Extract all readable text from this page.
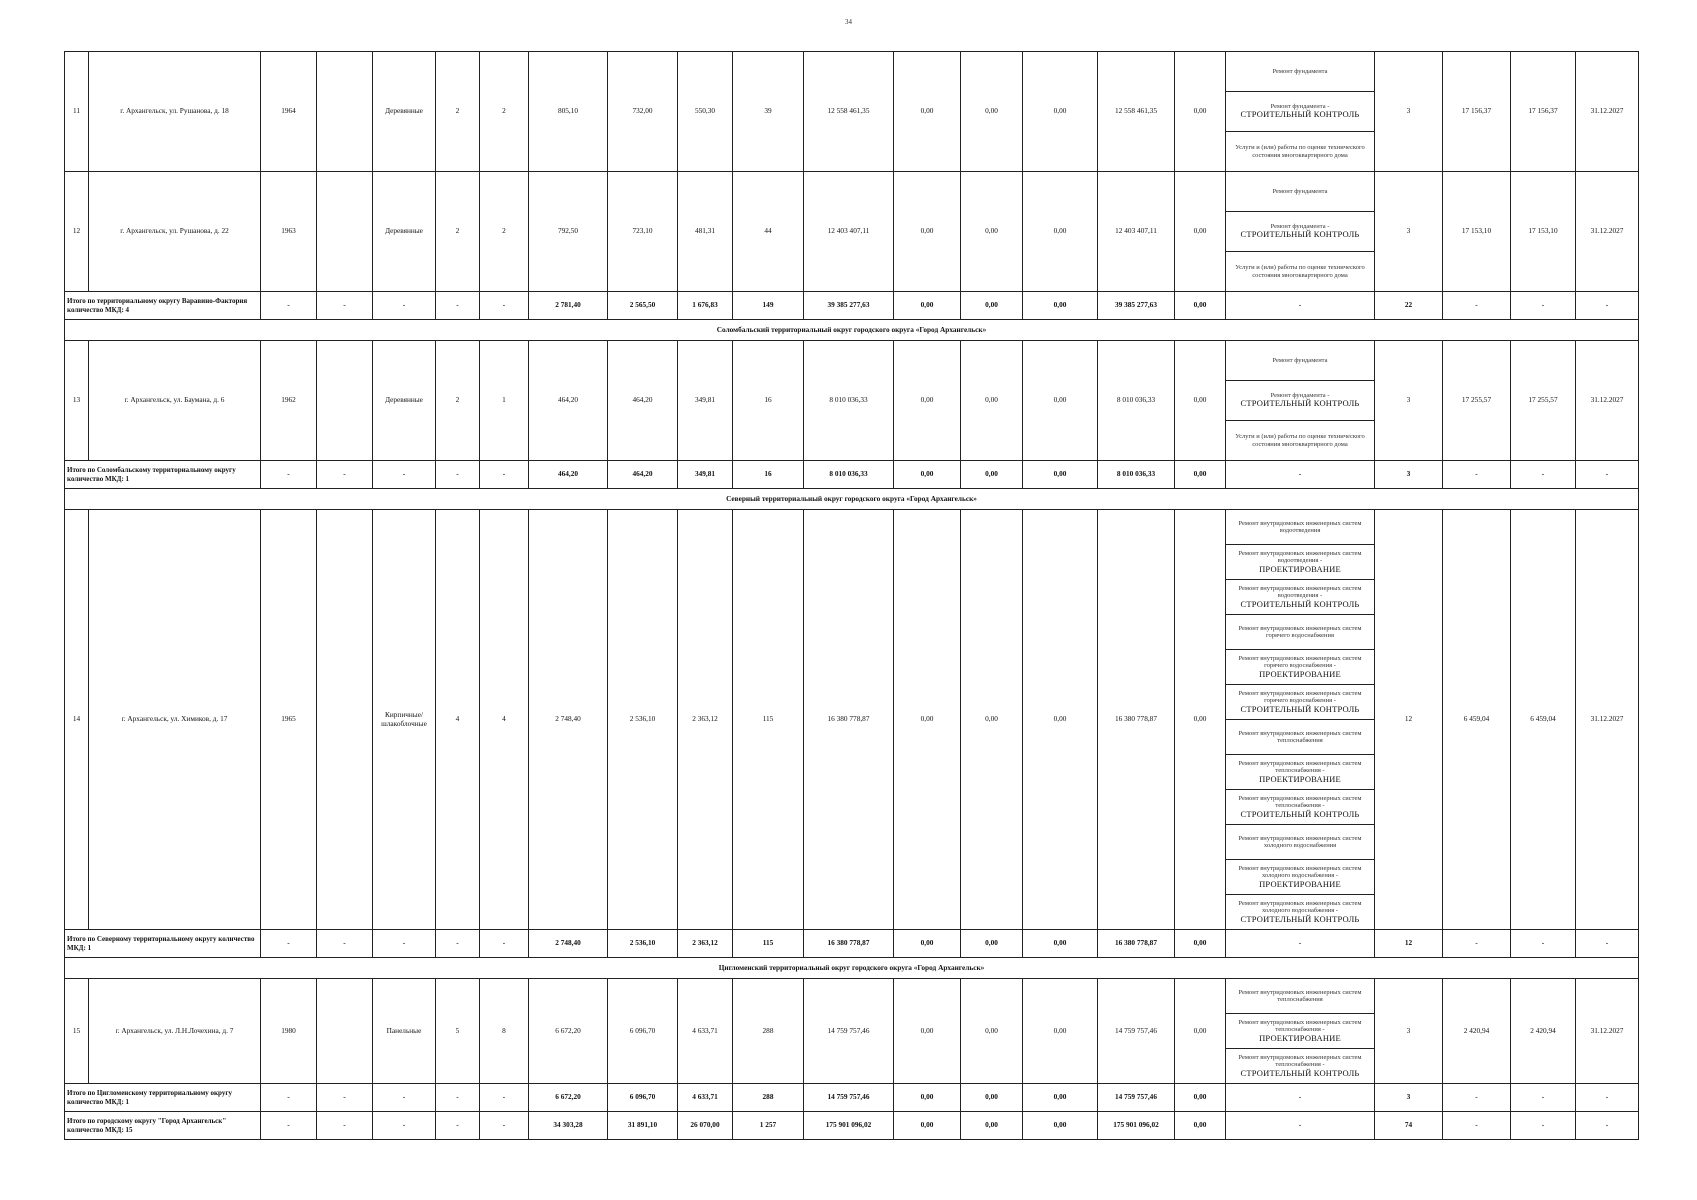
34
11	г. Архангельск, ул. Рушанова, д. 18	1964		Деревянные	2	2	805,10	732,00	550,30	39	12 558 461,35	0,00	0,00	0,00	12 558 461,35	0,00	Ремонт фундамента	3	17 156,37	17 156,37	31.12.2027

																	Ремонт фундамента -
СТРОИТЕЛЬНЫЙ КОНТРОЛЬ				

																	Услуги и (или) работы по оценке технического состояния многоквартирного дома				

12	г. Архангельск, ул. Рушанова, д. 22	1963		Деревянные	2	2	792,50	723,10	481,31	44	12 403 407,11	0,00	0,00	0,00	12 403 407,11	0,00	Ремонт фундамента	3	17 153,10	17 153,10	31.12.2027

																	Ремонт фундамента -
СТРОИТЕЛЬНЫЙ КОНТРОЛЬ				

																	Услуги и (или) работы по оценке технического состояния многоквартирного дома				

Итого по территориальному округу Варавино-Фактория количество МКД: 4		-	-	-	-	-	2 781,40	2 565,50	1 676,83	149	39 385 277,63	0,00	0,00	0,00	39 385 277,63	0,00	-	22	-	-	-
Соломбальский территориальный округ городского округа «Город Архангельск»																					
13	г. Архангельск, ул. Баумана, д. 6	1962		Деревянные	2	1	464,20	464,20	349,81	16	8 010 036,33	0,00	0,00	0,00	8 010 036,33	0,00	Ремонт фундамента	3	17 255,57	17 255,57	31.12.2027

																	Ремонт фундамента -
СТРОИТЕЛЬНЫЙ КОНТРОЛЬ				

																	Услуги и (или) работы по оценке технического состояния многоквартирного дома				

Итого по Соломбальскому территориальному округу количество МКД: 1		-	-	-	-	-	464,20	464,20	349,81	16	8 010 036,33	0,00	0,00	0,00	8 010 036,33	0,00	-	3	-	-	-
Северный территориальный округ городского округа «Город Архангельск»																					
14	г. Архангельск, ул. Химиков, д. 17	1965		Кирпичные/шлакоблочные	4	4	2 748,40	2 536,10	2 363,12	115	16 380 778,87	0,00	0,00	0,00	16 380 778,87	0,00	Ремонт внутридомовых инженерных систем водоотведения	12	6 459,04	6 459,04	31.12.2027

																	Ремонт внутридомовых инженерных систем водоотведения -
ПРОЕКТИРОВАНИЕ				

																	Ремонт внутридомовых инженерных систем водоотведения -
СТРОИТЕЛЬНЫЙ КОНТРОЛЬ				

																	Ремонт внутридомовых инженерных систем горячего водоснабжения				

																	Ремонт внутридомовых инженерных систем горячего водоснабжения -
ПРОЕКТИРОВАНИЕ				

																	Ремонт внутридомовых инженерных систем горячего водоснабжения -
СТРОИТЕЛЬНЫЙ КОНТРОЛЬ				

																	Ремонт внутридомовых инженерных систем теплоснабжения				

																	Ремонт внутридомовых инженерных систем теплоснабжения -
ПРОЕКТИРОВАНИЕ				

																	Ремонт внутридомовых инженерных систем теплоснабжения -
СТРОИТЕЛЬНЫЙ КОНТРОЛЬ				

																	Ремонт внутридомовых инженерных систем холодного водоснабжения				

																	Ремонт внутридомовых инженерных систем холодного водоснабжения -
ПРОЕКТИРОВАНИЕ				

																	Ремонт внутридомовых инженерных систем холодного водоснабжения -
СТРОИТЕЛЬНЫЙ КОНТРОЛЬ				

Итого по Северному территориальному округу количество МКД: 1		-	-	-	-	-	2 748,40	2 536,10	2 363,12	115	16 380 778,87	0,00	0,00	0,00	16 380 778,87	0,00	-	12	-	-	-
Цигломенский территориальный округ городского округа «Город Архангельск»																					
15	г. Архангельск, ул. Л.Н.Лочехина, д. 7	1980		Панельные	5	8	6 672,20	6 096,70	4 633,71	288	14 759 757,46	0,00	0,00	0,00	14 759 757,46	0,00	Ремонт внутридомовых инженерных систем теплоснабжения	3	2 420,94	2 420,94	31.12.2027

																	Ремонт внутридомовых инженерных систем теплоснабжения -
ПРОЕКТИРОВАНИЕ				

																	Ремонт внутридомовых инженерных систем теплоснабжения -
СТРОИТЕЛЬНЫЙ КОНТРОЛЬ				

Итого по Цигломенскому территориальному округу количество МКД: 1		-	-	-	-	-	6 672,20	6 096,70	4 633,71	288	14 759 757,46	0,00	0,00	0,00	14 759 757,46	0,00	-	3	-	-	-
Итого по городскому округу "Город Архангельск" количество МКД: 15		-	-	-	-	-	34 303,28	31 891,10	26 070,00	1 257	175 901 096,02	0,00	0,00	0,00	175 901 096,02	0,00	-	74	-	-	-
